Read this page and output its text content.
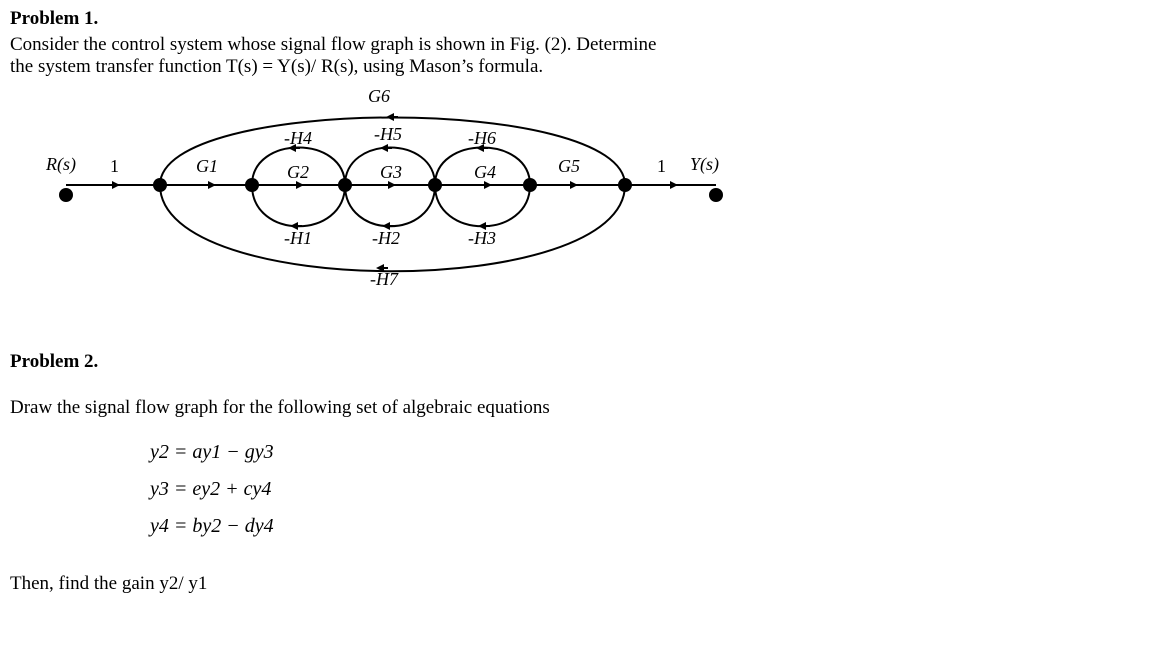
Problem 1.
Consider the control system whose signal flow graph is shown in Fig. (2). Determine
the system transfer function T(s) = Y(s)/ R(s), using Mason’s formula.
R(s) 1	1 Y(s)
G1	G2	G3	G4	G5
-H4	-H5	-H6
-H1	-H2	-H3
G6
-H7
Problem 2.
Draw the signal flow graph for the following set of algebraic equations
y2 = ay1 − gy3
y3 = ey2 + cy4
y4 = by2 − dy4
Then, find the gain y2/ y1
